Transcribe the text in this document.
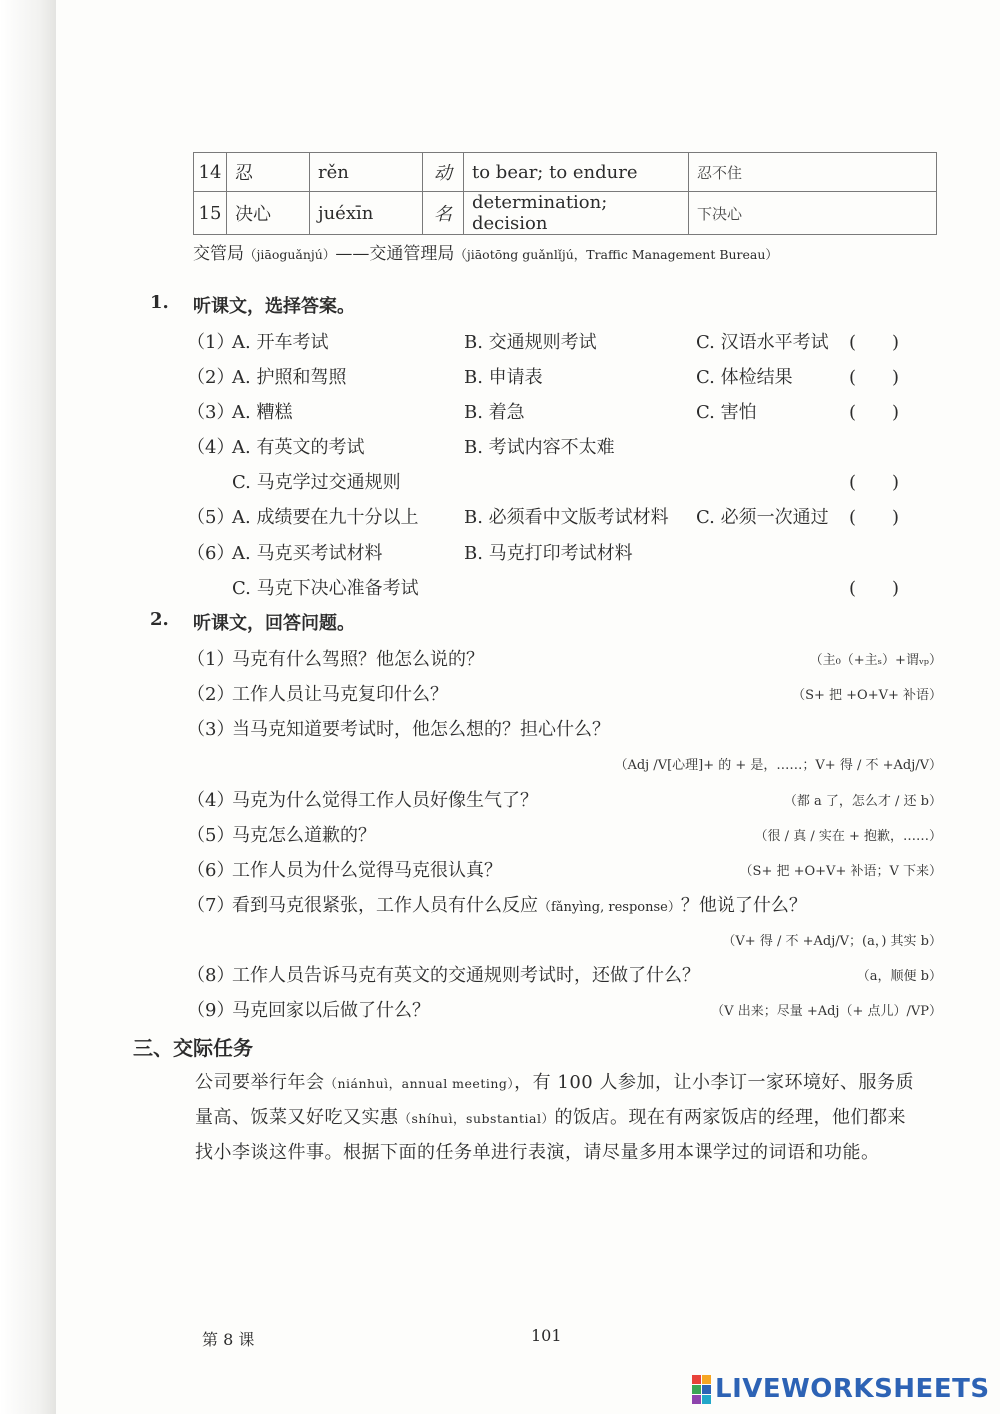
14	忍	rěn	动	to bear; to endure	忍不住
15	决心	juéxīn	名	determination; decision	下决心
交管局（jiāoguǎnjú）——交通管理局（jiāotōng guǎnlǐjú，Traffic Management Bureau）
1. 听课文，选择答案。
（1）
A. 开车考试	B. 交通规则考试	C. 汉语水平考试 (　　)
（2）
A. 护照和驾照	B. 申请表	C. 体检结果	(　　)
（3）
A. 糟糕	B. 着急	C. 害怕	(　　)
（4）
A. 有英文的考试	B. 考试内容不太难
C. 马克学过交通规则	(　　)
（5）
A. 成绩要在九十分以上	B. 必须看中文版考试材料 C. 必须一次通过 (　　)
（6）
A. 马克买考试材料	B. 马克打印考试材料
C. 马克下决心准备考试	(　　)
2. 听课文，回答问题。
（1）
马克有什么驾照？他怎么说的？	（主₀（+主ₛ）+谓ᵥₚ）
（2）
工作人员让马克复印什么？	（S+ 把 +O+V+ 补语）
（3）
当马克知道要考试时，他怎么想的？担心什么？
（Adj /V[心理]+ 的 + 是，……；V+ 得 / 不 +Adj/V）
（4）
马克为什么觉得工作人员好像生气了？	（都 a 了，怎么才 / 还 b）
（5）
马克怎么道歉的？	（很 / 真 / 实在 + 抱歉，……）
（6）
工作人员为什么觉得马克很认真？	（S+ 把 +O+V+ 补语；V 下来）
（7）
看到马克很紧张，工作人员有什么反应（fǎnyìng, response）？他说了什么？
（V+ 得 / 不 +Adj/V；(a，) 其实 b）
（8）
工作人员告诉马克有英文的交通规则考试时，还做了什么？	（a，顺便 b）
（9）
马克回家以后做了什么？	（V 出来；尽量 +Adj（+ 点儿）/VP）
三、交际任务
公司要举行年会（niánhuì，annual meeting），有 100 人参加，让小李订一家环境好、服务质
量高、饭菜又好吃又实惠（shíhuì，substantial）的饭店。现在有两家饭店的经理，他们都来
找小李谈这件事。根据下面的任务单进行表演，请尽量多用本课学过的词语和功能。
第 8 课	101
LIVEWORKSHEETS
